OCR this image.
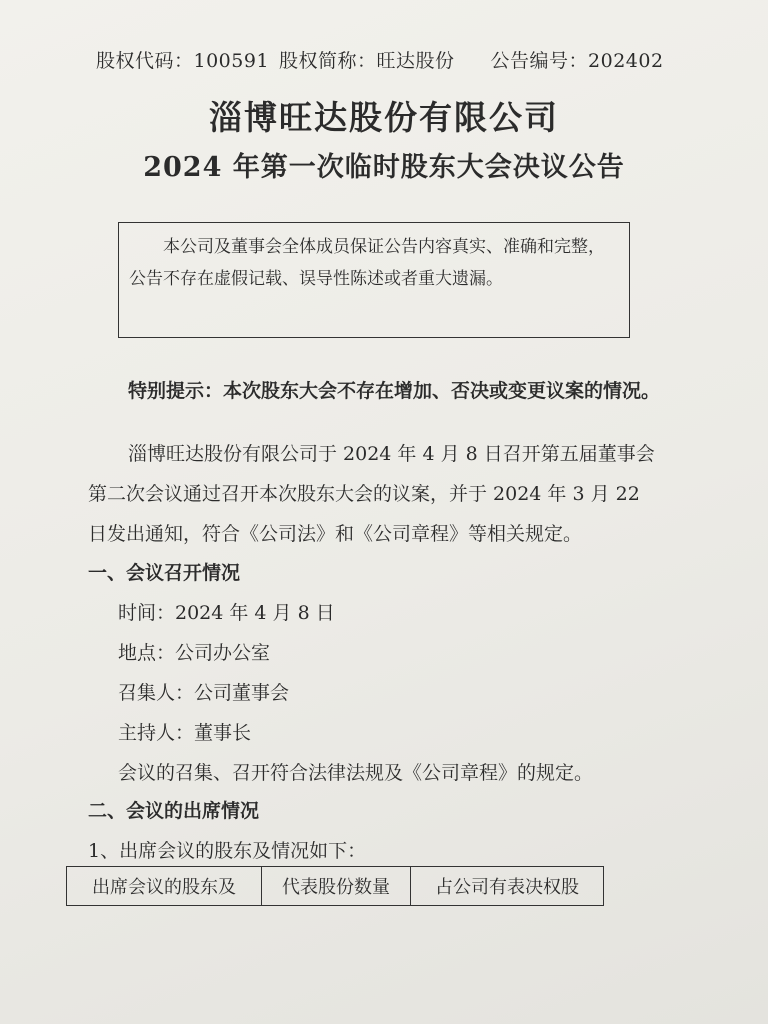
股权代码：100591 股权简称：旺达股份 公告编号：202402
淄博旺达股份有限公司
2024 年第一次临时股东大会决议公告

本公司及董事会全体成员保证公告内容真实、准确和完整，

公告不存在虚假记载、误导性陈述或者重大遗漏。

特别提示：本次股东大会不存在增加、否决或变更议案的情况。

淄博旺达股份有限公司于 2024 年 4 月 8 日召开第五届董事会

第二次会议通过召开本次股东大会的议案，并于 2024 年 3 月 22

日发出通知，符合《公司法》和《公司章程》等相关规定。

一、会议召开情况
时间：2024 年 4 月 8 日
地点：公司办公室
召集人：公司董事会
主持人：董事长
会议的召集、召开符合法律法规及《公司章程》的规定。
二、会议的出席情况
1、出席会议的股东及情况如下：
出席会议的股东及	代表股份数量	占公司有表决权股
